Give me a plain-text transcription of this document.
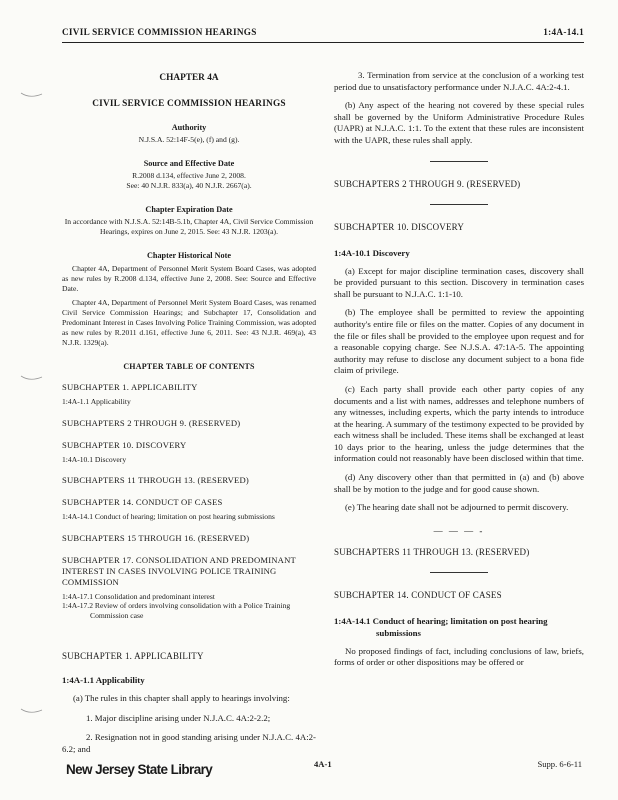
CIVIL SERVICE COMMISSION HEARINGS	1:4A-14.1
CHAPTER 4A
CIVIL SERVICE COMMISSION HEARINGS
Authority
N.J.S.A. 52:14F-5(e), (f) and (g).
Source and Effective Date
R.2008 d.134, effective June 2, 2008.
See: 40 N.J.R. 833(a), 40 N.J.R. 2667(a).
Chapter Expiration Date
In accordance with N.J.S.A. 52:14B-5.1b, Chapter 4A, Civil Service Commission Hearings, expires on June 2, 2015. See: 43 N.J.R. 1203(a).
Chapter Historical Note

Chapter 4A, Department of Personnel Merit System Board Cases, was adopted as new rules by R.2008 d.134, effective June 2, 2008. See: Source and Effective Date.

Chapter 4A, Department of Personnel Merit System Board Cases, was renamed Civil Service Commission Hearings; and Subchapter 17, Consolidation and Predominant Interest in Cases Involving Police Training Commission, was adopted as new rules by R.2011 d.161, effective June 6, 2011. See: 43 N.J.R. 469(a), 43 N.J.R. 1329(a).

CHAPTER TABLE OF CONTENTS
SUBCHAPTER 1. APPLICABILITY
1:4A-1.1 Applicability
SUBCHAPTERS 2 THROUGH 9. (RESERVED)
SUBCHAPTER 10. DISCOVERY
1:4A-10.1 Discovery
SUBCHAPTERS 11 THROUGH 13. (RESERVED)
SUBCHAPTER 14. CONDUCT OF CASES
1:4A-14.1 Conduct of hearing; limitation on post hearing submissions
SUBCHAPTERS 15 THROUGH 16. (RESERVED)
SUBCHAPTER 17. CONSOLIDATION AND PREDOMINANT INTEREST IN CASES INVOLVING POLICE TRAINING COMMISSION
1:4A-17.1 Consolidation and predominant interest
1:4A-17.2 Review of orders involving consolidation with a Police Training Commission case
SUBCHAPTER 1. APPLICABILITY
1:4A-1.1 Applicability

(a) The rules in this chapter shall apply to hearings involving:

1. Major discipline arising under N.J.A.C. 4A:2-2.2;

2. Resignation not in good standing arising under N.J.A.C. 4A:2-6.2; and

3. Termination from service at the conclusion of a working test period due to unsatisfactory performance under N.J.A.C. 4A:2-4.1.

(b) Any aspect of the hearing not covered by these special rules shall be governed by the Uniform Administrative Procedure Rules (UAPR) at N.J.A.C. 1:1. To the extent that these rules are inconsistent with the UAPR, these rules shall apply.

SUBCHAPTERS 2 THROUGH 9. (RESERVED)
SUBCHAPTER 10. DISCOVERY
1:4A-10.1 Discovery

(a) Except for major discipline termination cases, discovery shall be provided pursuant to this section. Discovery in termination cases shall be pursuant to N.J.A.C. 1:1-10.

(b) The employee shall be permitted to review the appointing authority's entire file or files on the matter. Copies of any document in the file or files shall be provided to the employee upon request and for a reasonable copying charge. See N.J.S.A. 47:1A-5. The appointing authority may refuse to disclose any document subject to a bona fide claim of privilege.

(c) Each party shall provide each other party copies of any documents and a list with names, addresses and telephone numbers of any witnesses, including experts, which the party intends to introduce at the hearing. A summary of the testimony expected to be provided by each witness shall be included. These items shall be exchanged at least 10 days prior to the hearing, unless the judge determines that the information could not reasonably have been disclosed within that time.

(d) Any discovery other than that permitted in (a) and (b) above shall be by motion to the judge and for good cause shown.

(e) The hearing date shall not be adjourned to permit discovery.

— — — -
SUBCHAPTERS 11 THROUGH 13. (RESERVED)
SUBCHAPTER 14. CONDUCT OF CASES
1:4A-14.1 Conduct of hearing; limitation on post hearing submissions

No proposed findings of fact, including conclusions of law, briefs, forms of order or other dispositions may be offered or

New Jersey State Library	4A-1	Supp. 6-6-11
